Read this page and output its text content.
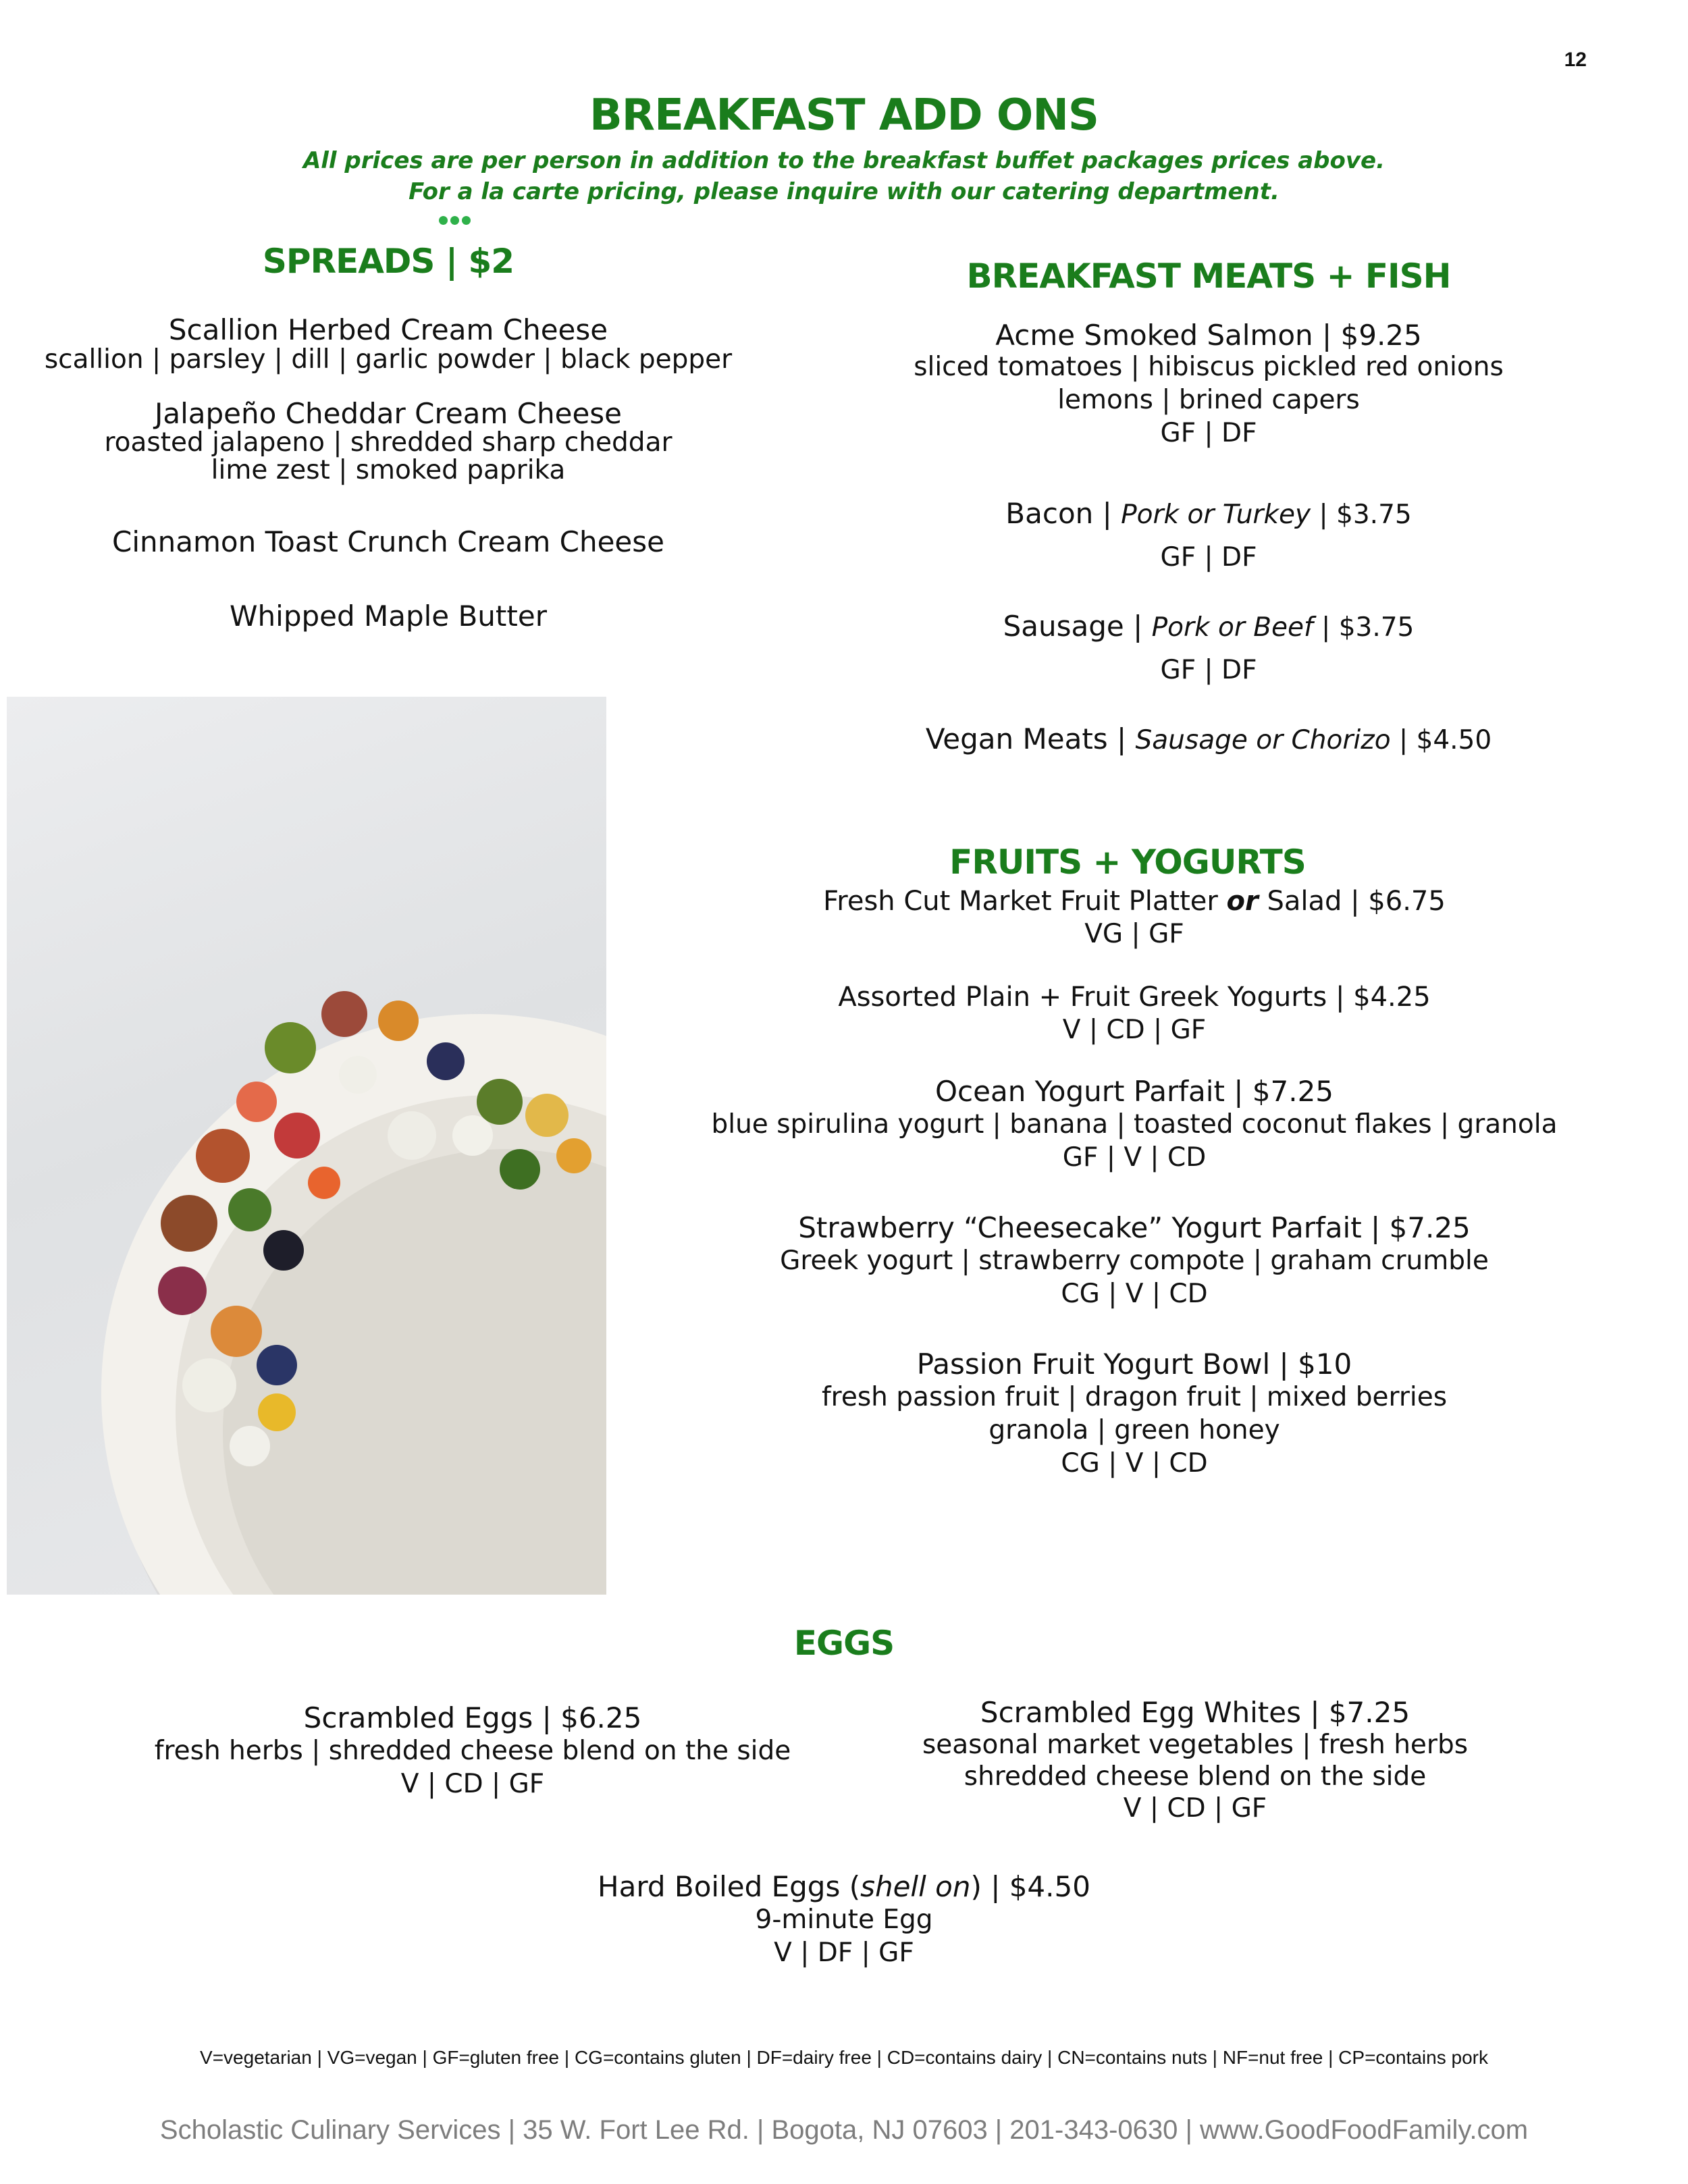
12
BREAKFAST ADD ONS
All prices are per person in addition to the breakfast buffet packages prices above.
For a la carte pricing, please inquire with our catering department.
SPREADS | $2
Scallion Herbed Cream Cheese
scallion | parsley | dill | garlic powder | black pepper
Jalapeño Cheddar Cream Cheese
roasted jalapeno | shredded sharp cheddar
lime zest | smoked paprika
Cinnamon Toast Crunch Cream Cheese
Whipped Maple Butter
BREAKFAST MEATS + FISH
Acme Smoked Salmon | $9.25
sliced tomatoes | hibiscus pickled red onions
lemons | brined capers
GF | DF
Bacon | Pork or Turkey | $3.75
GF | DF
Sausage | Pork or Beef | $3.75
GF | DF
Vegan Meats | Sausage or Chorizo | $4.50
FRUITS + YOGURTS
Fresh Cut Market Fruit Platter or Salad | $6.75
VG | GF
Assorted Plain + Fruit Greek Yogurts | $4.25
V | CD | GF
Ocean Yogurt Parfait | $7.25
blue spirulina yogurt | banana | toasted coconut flakes | granola
GF | V | CD
Strawberry “Cheesecake” Yogurt Parfait | $7.25
Greek yogurt | strawberry compote | graham crumble
CG | V | CD
Passion Fruit Yogurt Bowl | $10
fresh passion fruit | dragon fruit | mixed berries
granola | green honey
CG | V | CD
EGGS
Scrambled Eggs | $6.25
fresh herbs | shredded cheese blend on the side
V | CD | GF
Scrambled Egg Whites | $7.25
seasonal market vegetables | fresh herbs
shredded cheese blend on the side
V | CD | GF
Hard Boiled Eggs (shell on) | $4.50
9-minute Egg
V | DF | GF
V=vegetarian | VG=vegan | GF=gluten free | CG=contains gluten | DF=dairy free | CD=contains dairy | CN=contains nuts | NF=nut free | CP=contains pork
Scholastic Culinary Services | 35 W. Fort Lee Rd. | Bogota, NJ 07603 | 201-343-0630 | www.GoodFoodFamily.com
